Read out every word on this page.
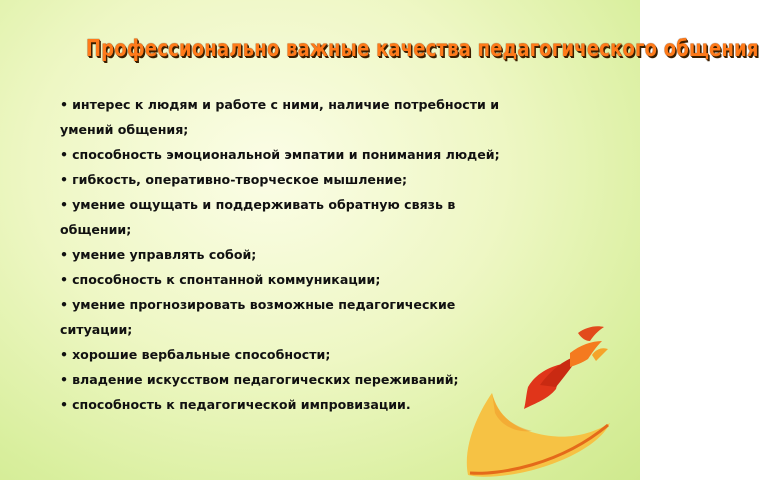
Профессионально важные качества педагогического общения
• интерес к людям и работе с ними, наличие потребности и
умений общения;
• способность эмоциональной эмпатии и понимания людей;
• гибкость, оперативно-творческое мышление;
• умение ощущать и поддерживать обратную связь в
общении;
• умение управлять собой;
• способность к спонтанной коммуникации;
• умение прогнозировать возможные педагогические
ситуации;
• хорошие вербальные способности;
• владение искусством педагогических переживаний;
• способность к педагогической импровизации.
